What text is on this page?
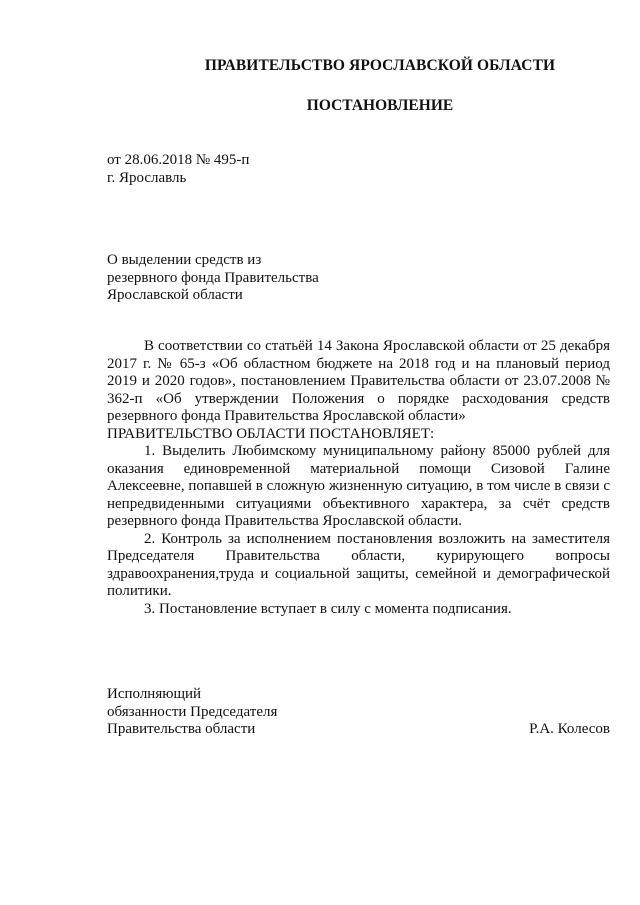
ПРАВИТЕЛЬСТВО ЯРОСЛАВСКОЙ ОБЛАСТИ
ПОСТАНОВЛЕНИЕ
от 28.06.2018 № 495-п
г. Ярославль
О выделении средств из
резервного фонда Правительства
Ярославской области

В соответствии со статьёй 14 Закона Ярославской области от 25 декабря 2017 г. № 65-з «Об областном бюджете на 2018 год и на плановый период 2019 и 2020 годов», постановлением Правительства области от 23.07.2008 № 362-п «Об утверждении Положения о порядке расходования средств резервного фонда Правительства Ярославской области»

ПРАВИТЕЛЬСТВО ОБЛАСТИ ПОСТАНОВЛЯЕТ:

1. Выделить Любимскому муниципальному району 85000 рублей для оказания единовременной материальной помощи Сизовой Галине Алексеевне, попавшей в сложную жизненную ситуацию, в том числе в связи с непредвиденными ситуациями объективного характера, за счёт средств резервного фонда Правительства Ярославской области.

2. Контроль за исполнением постановления возложить на заместителя Председателя Правительства области, курирующего вопросы здравоохранения,труда и социальной защиты, семейной и демографической политики.

3. Постановление вступает в силу с момента подписания.

Исполняющий
обязанности Председателя
Правительства области	Р.А. Колесов
